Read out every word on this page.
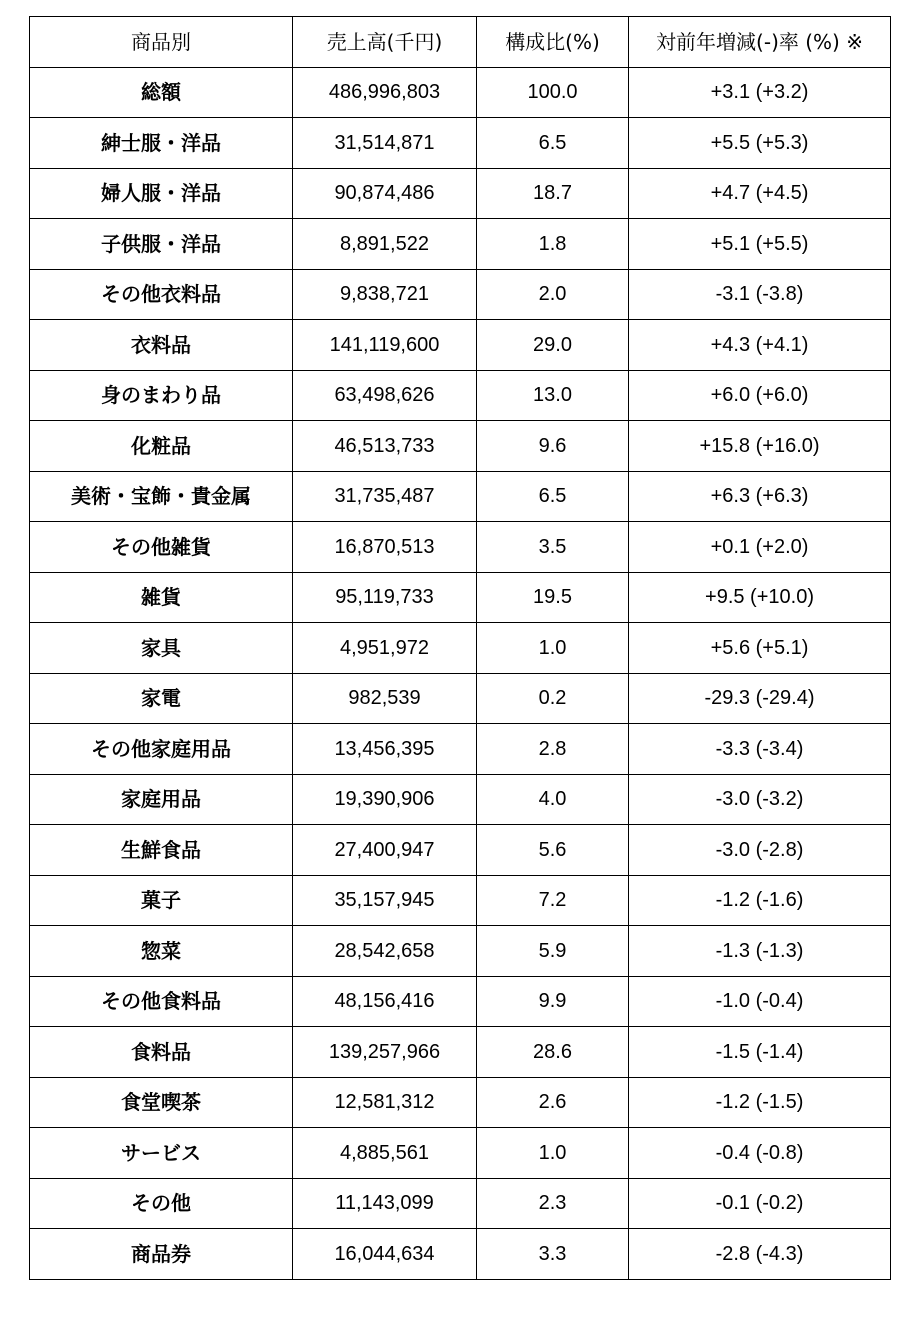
商品別	売上高(千円)	構成比(%)	対前年増減(-)率 (%) ※
総額	486,996,803	100.0	+3.1 (+3.2)
紳士服・洋品	31,514,871	6.5	+5.5 (+5.3)
婦人服・洋品	90,874,486	18.7	+4.7 (+4.5)
子供服・洋品	8,891,522	1.8	+5.1 (+5.5)
その他衣料品	9,838,721	2.0	-3.1 (-3.8)
衣料品	141,119,600	29.0	+4.3 (+4.1)
身のまわり品	63,498,626	13.0	+6.0 (+6.0)
化粧品	46,513,733	9.6	+15.8 (+16.0)
美術・宝飾・貴金属	31,735,487	6.5	+6.3 (+6.3)
その他雑貨	16,870,513	3.5	+0.1 (+2.0)
雑貨	95,119,733	19.5	+9.5 (+10.0)
家具	4,951,972	1.0	+5.6 (+5.1)
家電	982,539	0.2	-29.3 (-29.4)
その他家庭用品	13,456,395	2.8	-3.3 (-3.4)
家庭用品	19,390,906	4.0	-3.0 (-3.2)
生鮮食品	27,400,947	5.6	-3.0 (-2.8)
菓子	35,157,945	7.2	-1.2 (-1.6)
惣菜	28,542,658	5.9	-1.3 (-1.3)
その他食料品	48,156,416	9.9	-1.0 (-0.4)
食料品	139,257,966	28.6	-1.5 (-1.4)
食堂喫茶	12,581,312	2.6	-1.2 (-1.5)
サービス	4,885,561	1.0	-0.4 (-0.8)
その他	11,143,099	2.3	-0.1 (-0.2)
商品券	16,044,634	3.3	-2.8 (-4.3)
